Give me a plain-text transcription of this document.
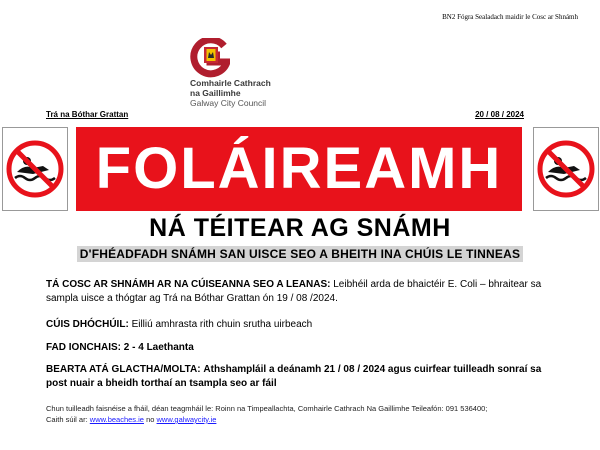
BN2 Fógra Sealadach maidir le Cosc ar Shnámh
Comhairle Cathrach
na Gaillimhe
Galway City Council
Trá na Bóthar Grattan	20 / 08 / 2024
FOLÁIREAMH
NÁ TÉITEAR AG SNÁMH
D'FHÉADFADH SNÁMH SAN UISCE SEO A BHEITH INA CHÚIS LE TINNEAS
TÁ COSC AR SHNÁMH AR NA CÚISEANNA SEO A LEANAS: Leibhéil arda de bhaictéir E. Coli – bhraitear sa sampla uisce a thógtar ag Trá na Bóthar Grattan ón 19 / 08 /2024.
CÚIS DHÓCHÚIL: Eilliú amhrasta rith chuin srutha uirbeach
FAD IONCHAIS: 2 - 4 Laethanta
BEARTA ATÁ GLACTHA/MOLTA: Athshampláil a deánamh 21 / 08 / 2024 agus cuirfear tuilleadh sonraí sa post nuair a bheidh torthaí an tsampla seo ar fáil
Chun tuilleadh faisnéise a fháil, déan teagmháil le: Roinn na Timpeallachta, Comhairle Cathrach Na Gaillimhe Teileafón: 091 536400;
Caith súil ar: www.beaches.ie no www.galwaycity.ie
